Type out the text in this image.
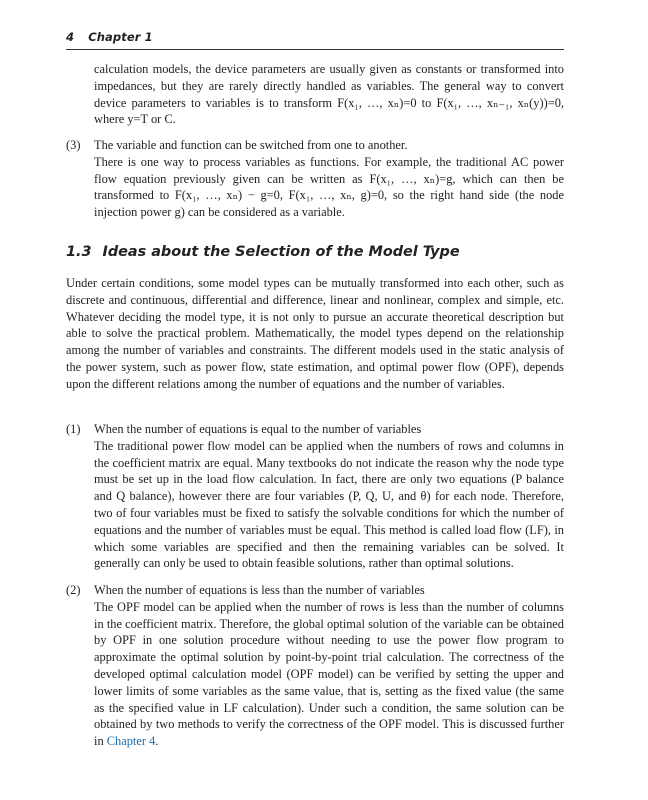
4 Chapter 1
calculation models, the device parameters are usually given as constants or transformed into impedances, but they are rarely directly handled as variables. The general way to convert device parameters to variables is to transform F(x₁, …, xₙ)=0 to F(x₁, …, xₙ₋₁, xₙ(y))=0, where y=T or C.
(3)	The variable and function can be switched from one to another.
There is one way to process variables as functions. For example, the traditional AC power flow equation previously given can be written as F(x₁, …, xₙ)=g, which can then be transformed to F(x₁, …, xₙ) − g=0, F(x₁, …, xₙ, g)=0, so the right hand side (the node injection power g) can be considered as a variable.
1.3 Ideas about the Selection of the Model Type
Under certain conditions, some model types can be mutually transformed into each other, such as discrete and continuous, differential and difference, linear and nonlinear, complex and simple, etc. Whatever deciding the model type, it is not only to pursue an accurate theoretical description but able to solve the practical problem. Mathematically, the model types depend on the relationship among the number of variables and constraints. The different models used in the static analysis of the power system, such as power flow, state estimation, and optimal power flow (OPF), depends upon the different relations among the number of equations and the number of variables.
(1)	When the number of equations is equal to the number of variables
The traditional power flow model can be applied when the numbers of rows and columns in the coefficient matrix are equal. Many textbooks do not indicate the reason why the node type must be set up in the load flow calculation. In fact, there are only two equations (P balance and Q balance), however there are four variables (P, Q, U, and θ) for each node. Therefore, two of four variables must be fixed to satisfy the solvable conditions for which the number of equations and the number of variables must be equal. This method is called load flow (LF), in which some variables are specified and then the remaining variables can be solved. It generally can only be used to obtain feasible solutions, rather than optimal solutions.
(2)	When the number of equations is less than the number of variables
The OPF model can be applied when the number of rows is less than the number of columns in the coefficient matrix. Therefore, the global optimal solution of the variable can be obtained by OPF in one solution procedure without needing to use the power flow program to approximate the optimal solution by point-by-point trial calculation. The correctness of the developed optimal calculation model (OPF model) can be verified by setting the upper and lower limits of some variables as the same value, that is, setting as the fixed value (the same as the specified value in LF calculation). Under such a condition, the same solution can be obtained by two methods to verify the correctness of the OPF model. This is discussed further in Chapter 4.
